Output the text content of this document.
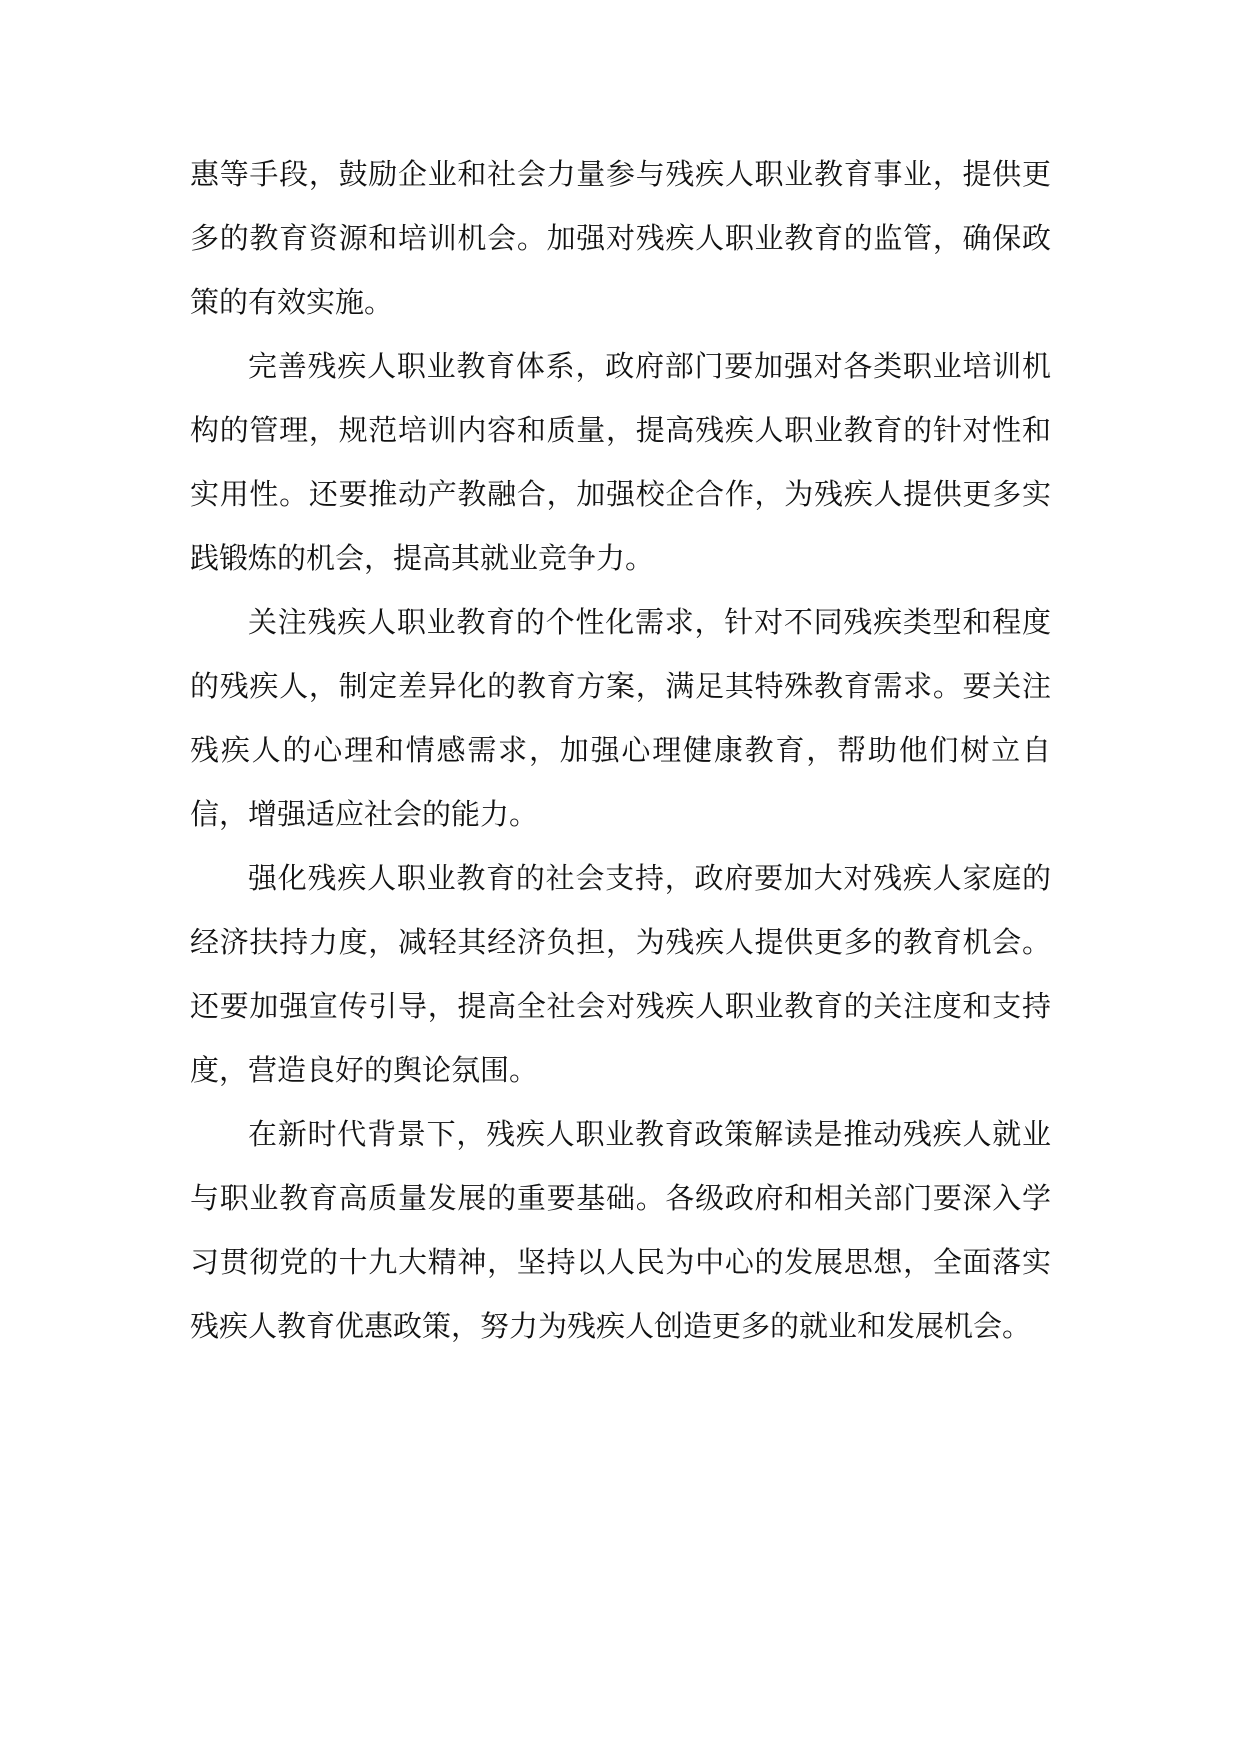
惠等手段，鼓励企业和社会力量参与残疾人职业教育事业，提供更多的教育资源和培训机会。加强对残疾人职业教育的监管，确保政策的有效实施。

完善残疾人职业教育体系，政府部门要加强对各类职业培训机构的管理，规范培训内容和质量，提高残疾人职业教育的针对性和实用性。还要推动产教融合，加强校企合作，为残疾人提供更多实践锻炼的机会，提高其就业竞争力。

关注残疾人职业教育的个性化需求，针对不同残疾类型和程度的残疾人，制定差异化的教育方案，满足其特殊教育需求。要关注残疾人的心理和情感需求，加强心理健康教育，帮助他们树立自信，增强适应社会的能力。

强化残疾人职业教育的社会支持，政府要加大对残疾人家庭的经济扶持力度，减轻其经济负担，为残疾人提供更多的教育机会。还要加强宣传引导，提高全社会对残疾人职业教育的关注度和支持度，营造良好的舆论氛围。

在新时代背景下，残疾人职业教育政策解读是推动残疾人就业与职业教育高质量发展的重要基础。各级政府和相关部门要深入学习贯彻党的十九大精神，坚持以人民为中心的发展思想，全面落实残疾人教育优惠政策，努力为残疾人创造更多的就业和发展机会。
